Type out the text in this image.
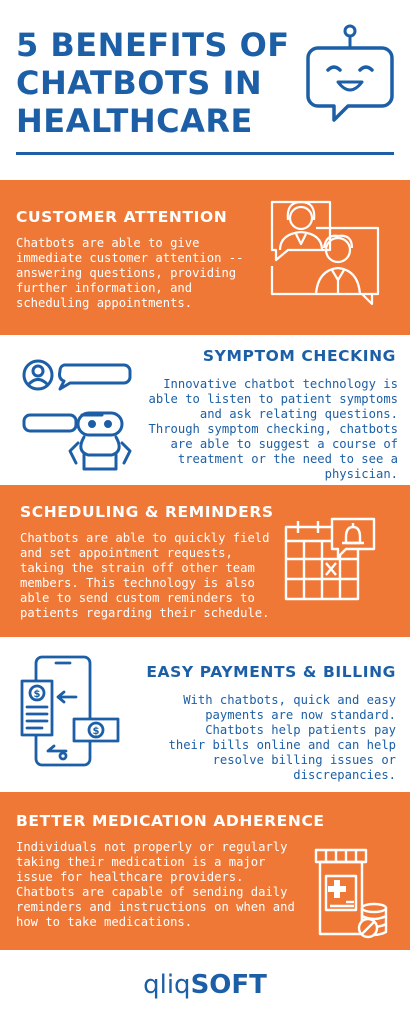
5 BENEFITS OF
CHATBOTS IN
HEALTHCARE
CUSTOMER ATTENTION
Chatbots are able to give immediate customer attention -- answering questions, providing further information, and scheduling appointments.
SYMPTOM CHECKING
Innovative chatbot technology is able to listen to patient symptoms and ask relating questions. Through symptom checking, chatbots are able to suggest a course of treatment or the need to see a physician.
SCHEDULING & REMINDERS
Chatbots are able to quickly field and set appointment requests, taking the strain off other team members. This technology is also able to send custom reminders to patients regarding their schedule.
EASY PAYMENTS & BILLING
With chatbots, quick and easy payments are now standard. Chatbots help patients pay their bills online and can help resolve billing issues or discrepancies.
$
$
BETTER MEDICATION ADHERENCE
Individuals not properly or regularly taking their medication is a major issue for healthcare providers. Chatbots are capable of sending daily reminders and instructions on when and how to take medications.
qliqSOFT
